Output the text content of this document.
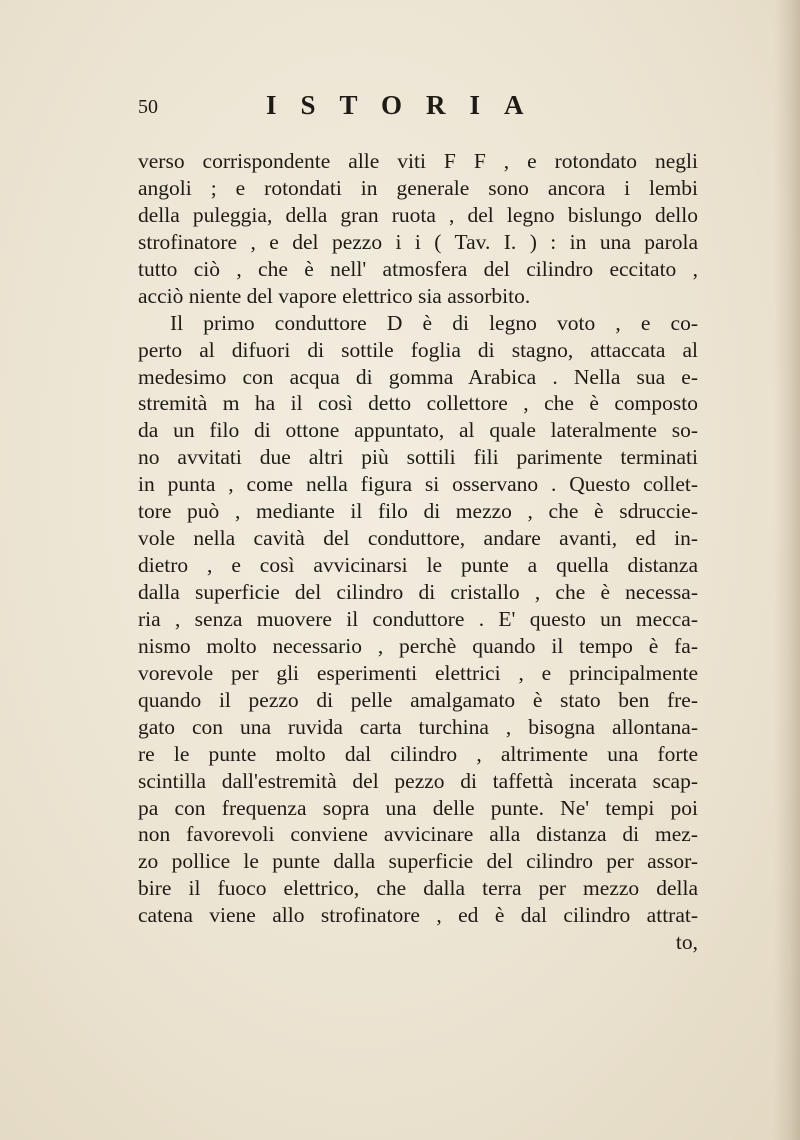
50	ISTORIA
verso corrispondente alle viti F F , e rotondato negli
angoli ; e rotondati in generale sono ancora i lembi
della puleggia, della gran ruota , del legno bislungo dello
strofinatore , e del pezzo i i ( Tav. I. ) : in una parola
tutto ciò , che è nell' atmosfera del cilindro eccitato ,
acciò niente del vapore elettrico sia assorbito.
Il primo conduttore D è di legno voto , e co-
perto al difuori di sottile foglia di stagno, attaccata al
medesimo con acqua di gomma Arabica . Nella sua e-
stremità m ha il così detto collettore , che è composto
da un filo di ottone appuntato, al quale lateralmente so-
no avvitati due altri più sottili fili parimente terminati
in punta , come nella figura si osservano . Questo collet-
tore può , mediante il filo di mezzo , che è sdruccie-
vole nella cavità del conduttore, andare avanti, ed in-
dietro , e così avvicinarsi le punte a quella distanza
dalla superficie del cilindro di cristallo , che è necessa-
ria , senza muovere il conduttore . E' questo un mecca-
nismo molto necessario , perchè quando il tempo è fa-
vorevole per gli esperimenti elettrici , e principalmente
quando il pezzo di pelle amalgamato è stato ben fre-
gato con una ruvida carta turchina , bisogna allontana-
re le punte molto dal cilindro , altrimente una forte
scintilla dall'estremità del pezzo di taffettà incerata scap-
pa con frequenza sopra una delle punte. Ne' tempi poi
non favorevoli conviene avvicinare alla distanza di mez-
zo pollice le punte dalla superficie del cilindro per assor-
bire il fuoco elettrico, che dalla terra per mezzo della
catena viene allo strofinatore , ed è dal cilindro attrat-
to,
